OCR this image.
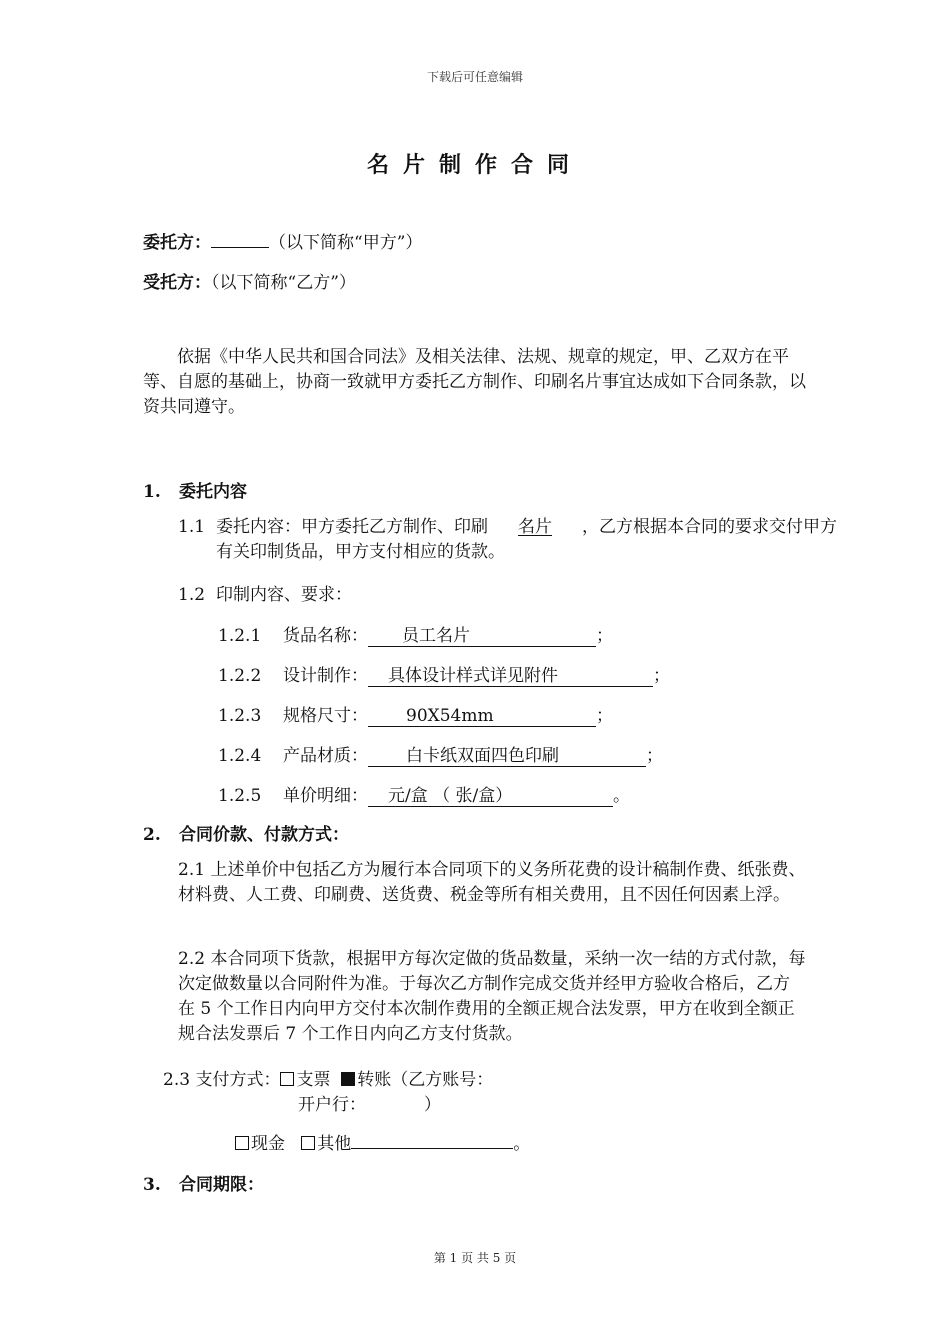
下载后可任意编辑
名片制作合同
委托方：	（以下简称“甲方”）
受托方：（以下简称“乙方”）
依据《中华人民共和国合同法》及相关法律、法规、规章的规定，甲、乙双方在平等、自愿的基础上，协商一致就甲方委托乙方制作、印刷名片事宜达成如下合同条款，以资共同遵守。
1. 委托内容
1.1 委托内容：甲方委托乙方制作、印刷 名片 ，乙方根据本合同的要求交付甲方有关印制货品，甲方支付相应的货款。
1.2 印制内容、要求：
1.2.1 货品名称： 员工名片	；
1.2.2 设计制作： 具体设计样式详见附件	；
1.2.3 规格尺寸： 90X54mm	；
1.2.4 产品材质： 白卡纸双面四色印刷	；
1.2.5 单价明细： 元/盒 （ 张/盒）	。
2. 合同价款、付款方式：
2.1 上述单价中包括乙方为履行本合同项下的义务所花费的设计稿制作费、纸张费、材料费、人工费、印刷费、送货费、税金等所有相关费用，且不因任何因素上浮。
2.2 本合同项下货款，根据甲方每次定做的货品数量，采纳一次一结的方式付款，每次定做数量以合同附件为准。于每次乙方制作完成交货并经甲方验收合格后，乙方在 5 个工作日内向甲方交付本次制作费用的全额正规合法发票，甲方在收到全额正规合法发票后 7 个工作日内向乙方支付货款。
2.3 支付方式： 支票 转账（乙方账号：
开户行：	）
现金 其他	。
3. 合同期限：
第 1 页 共 5 页
